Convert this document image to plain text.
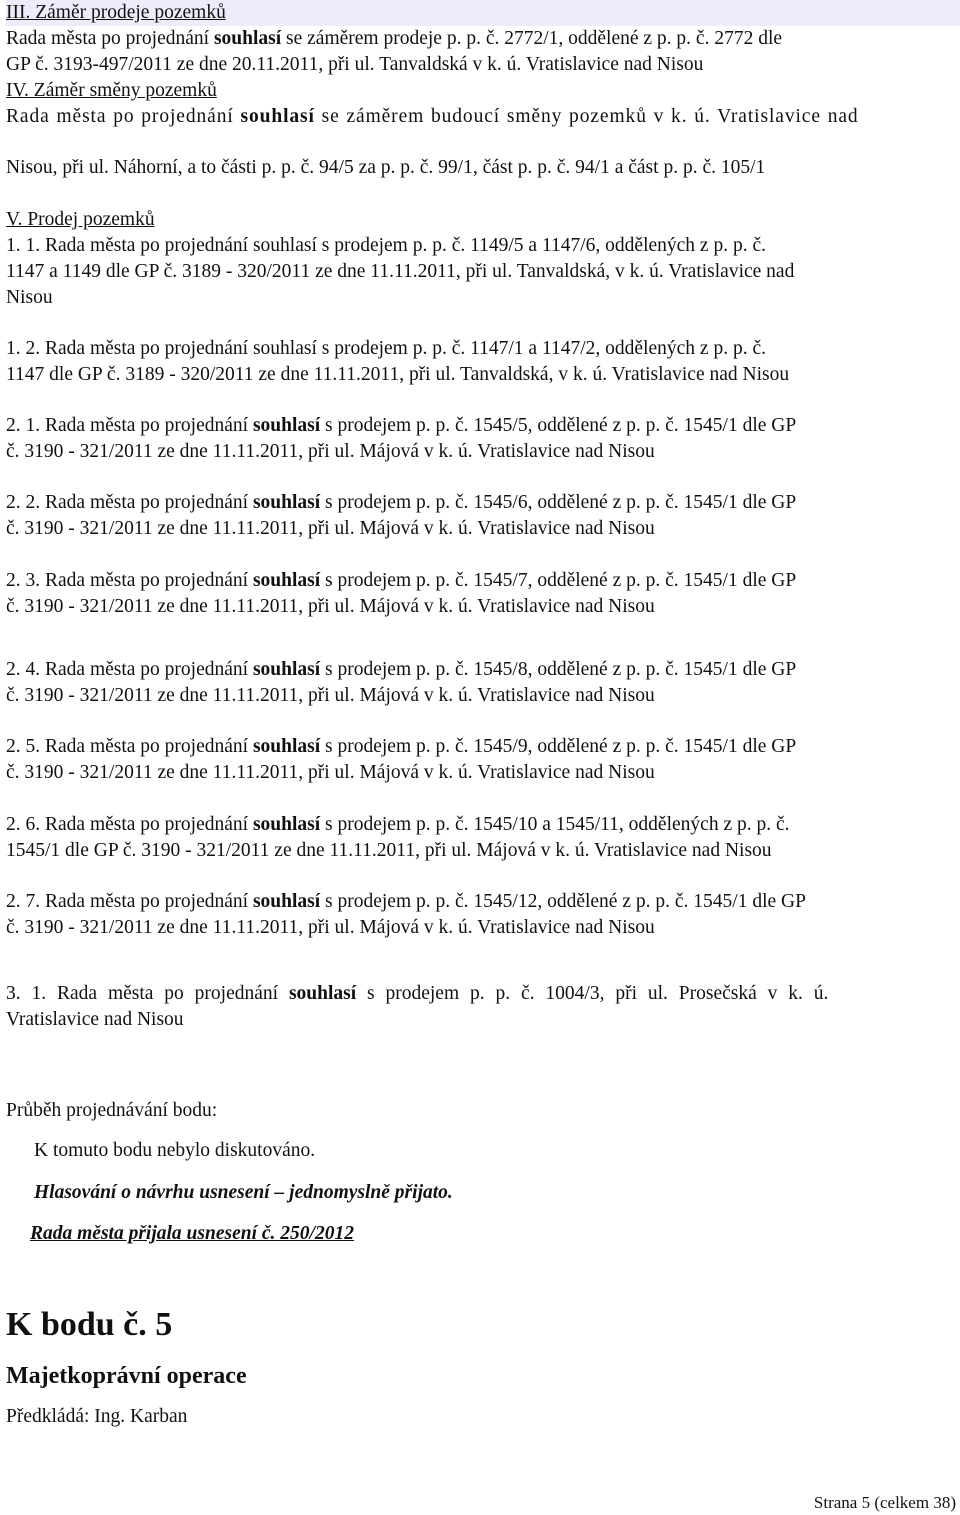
III. Záměr prodeje pozemků
Rada města po projednání souhlasí se záměrem prodeje p. p. č. 2772/1, oddělené z p. p. č. 2772 dle
GP č. 3193-497/2011 ze dne 20.11.2011, při ul. Tanvaldská v k. ú. Vratislavice nad Nisou
IV. Záměr směny pozemků
Rada města po projednání souhlasí se záměrem budoucí směny pozemků v k. ú. Vratislavice nad
Nisou, při ul. Náhorní, a to části p. p. č. 94/5 za p. p. č. 99/1, část p. p. č. 94/1 a část p. p. č. 105/1
V. Prodej pozemků
1. 1. Rada města po projednání souhlasí s prodejem p. p. č. 1149/5 a 1147/6, oddělených z p. p. č.
1147 a 1149 dle GP č. 3189 - 320/2011 ze dne 11.11.2011, při ul. Tanvaldská, v k. ú. Vratislavice nad
Nisou
1. 2. Rada města po projednání souhlasí s prodejem p. p. č. 1147/1 a 1147/2, oddělených z p. p. č.
1147 dle GP č. 3189 - 320/2011 ze dne 11.11.2011, při ul. Tanvaldská, v k. ú. Vratislavice nad Nisou
2. 1. Rada města po projednání souhlasí s prodejem p. p. č. 1545/5, oddělené z p. p. č. 1545/1 dle GP
č. 3190 - 321/2011 ze dne 11.11.2011, při ul. Májová v k. ú. Vratislavice nad Nisou
2. 2. Rada města po projednání souhlasí s prodejem p. p. č. 1545/6, oddělené z p. p. č. 1545/1 dle GP
č. 3190 - 321/2011 ze dne 11.11.2011, při ul. Májová v k. ú. Vratislavice nad Nisou
2. 3. Rada města po projednání souhlasí s prodejem p. p. č. 1545/7, oddělené z p. p. č. 1545/1 dle GP
č. 3190 - 321/2011 ze dne 11.11.2011, při ul. Májová v k. ú. Vratislavice nad Nisou
2. 4. Rada města po projednání souhlasí s prodejem p. p. č. 1545/8, oddělené z p. p. č. 1545/1 dle GP
č. 3190 - 321/2011 ze dne 11.11.2011, při ul. Májová v k. ú. Vratislavice nad Nisou
2. 5. Rada města po projednání souhlasí s prodejem p. p. č. 1545/9, oddělené z p. p. č. 1545/1 dle GP
č. 3190 - 321/2011 ze dne 11.11.2011, při ul. Májová v k. ú. Vratislavice nad Nisou
2. 6. Rada města po projednání souhlasí s prodejem p. p. č. 1545/10 a 1545/11, oddělených z p. p. č.
1545/1 dle GP č. 3190 - 321/2011 ze dne 11.11.2011, při ul. Májová v k. ú. Vratislavice nad Nisou
2. 7. Rada města po projednání souhlasí s prodejem p. p. č. 1545/12, oddělené z p. p. č. 1545/1 dle GP
č. 3190 - 321/2011 ze dne 11.11.2011, při ul. Májová v k. ú. Vratislavice nad Nisou
3. 1. Rada města po projednání souhlasí s prodejem p. p. č. 1004/3, při ul. Prosečská v k. ú.
Vratislavice nad Nisou
Průběh projednávání bodu:
K tomuto bodu nebylo diskutováno.
Hlasování o návrhu usnesení – jednomyslně přijato.
Rada města přijala usnesení č. 250/2012
K bodu č. 5
Majetkoprávní operace
Předkládá: Ing. Karban
Strana 5 (celkem 38)
